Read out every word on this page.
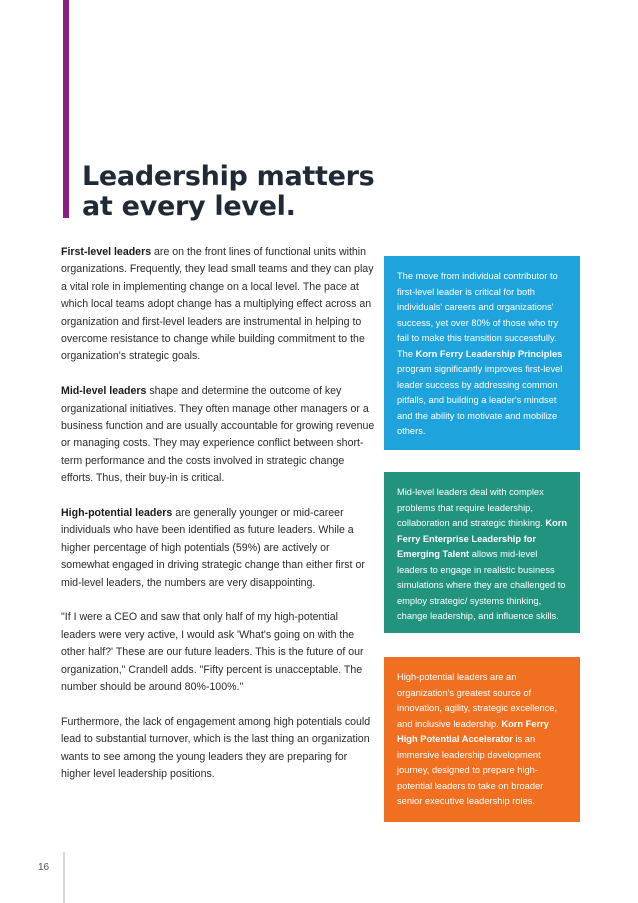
Leadership matters
at every level.

First-level leaders are on the front lines of functional units within organizations. Frequently, they lead small teams and they can play a vital role in implementing change on a local level. The pace at which local teams adopt change has a multiplying effect across an organization and first-level leaders are instrumental in helping to overcome resistance to change while building commitment to the organization's strategic goals.

Mid-level leaders shape and determine the outcome of key organizational initiatives. They often manage other managers or a business function and are usually accountable for growing revenue or managing costs. They may experience conflict between short-term performance and the costs involved in strategic change efforts. Thus, their buy-in is critical.

High-potential leaders are generally younger or mid-career individuals who have been identified as future leaders. While a higher percentage of high potentials (59%) are actively or somewhat engaged in driving strategic change than either first or mid-level leaders, the numbers are very disappointing.

"If I were a CEO and saw that only half of my high-potential leaders were very active, I would ask 'What's going on with the other half?' These are our future leaders. This is the future of our organization," Crandell adds. "Fifty percent is unacceptable. The number should be around 80%-100%."

Furthermore, the lack of engagement among high potentials could lead to substantial turnover, which is the last thing an organization wants to see among the young leaders they are preparing for higher level leadership positions.

The move from individual contributor to first-level leader is critical for both individuals' careers and organizations' success, yet over 80% of those who try fail to make this transition successfully. The Korn Ferry Leadership Principles program significantly improves first-level leader success by addressing common pitfalls, and building a leader's mindset and the ability to motivate and mobilize others.
Mid-level leaders deal with complex problems that require leadership, collaboration and strategic thinking. Korn Ferry Enterprise Leadership for Emerging Talent allows mid-level leaders to engage in realistic business simulations where they are challenged to employ strategic/ systems thinking, change leadership, and influence skills.
High-potential leaders are an organization's greatest source of innovation, agility, strategic excellence, and inclusive leadership. Korn Ferry High Potential Accelerator is an immersive leadership development journey, designed to prepare high-potential leaders to take on broader senior executive leadership roles.
16
